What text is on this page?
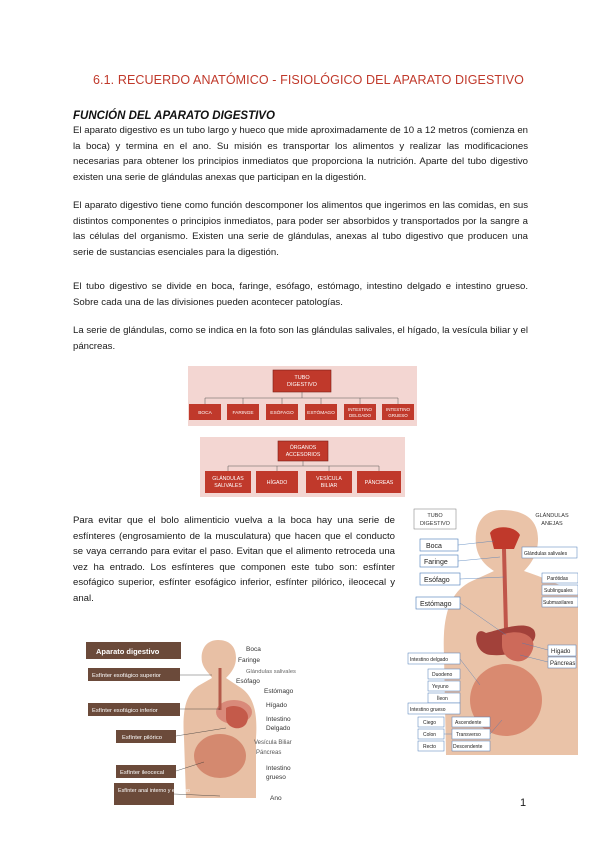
6.1. RECUERDO ANATÓMICO - FISIOLÓGICO DEL APARATO DIGESTIVO
FUNCIÓN DEL APARATO DIGESTIVO
El aparato digestivo es un tubo largo y hueco que mide aproximadamente de 10 a 12 metros (comienza en la boca) y termina en el ano. Su misión es transportar los alimentos y realizar las modificaciones necesarias para obtener los principios inmediatos que proporciona la nutrición. Aparte del tubo digestivo existen una serie de glándulas anexas que participan en la digestión.
El aparato digestivo tiene como función descomponer los alimentos que ingerimos en las comidas, en sus distintos componentes o principios inmediatos, para poder ser absorbidos y transportados por la sangre a las células del organismo. Existen una serie de glándulas, anexas al tubo digestivo que producen una serie de sustancias esenciales para la digestión.
El tubo digestivo se divide en boca, faringe, esófago, estómago, intestino delgado e intestino grueso. Sobre cada una de las divisiones pueden acontecer patologías.
La serie de glándulas, como se indica en la foto son las glándulas salivales, el hígado, la vesícula biliar y el páncreas.
TUBO
DIGESTIVO
BOCA	FARINGE	ESÓFAGO	ESTÓMAGO
INTESTINO
DELGADO
INTESTINO
GRUESO
ÓRGANOS
ACCESORIOS
GLÁNDULAS
SALIVALES	HÍGADO
VESÍCULA
BILIAR	PÁNCREAS
Para evitar que el bolo alimenticio vuelva a la boca hay una serie de esfínteres (engrosamiento de la musculatura) que hacen que el conducto se vaya cerrando para evitar el paso. Evitan que el alimento retroceda una vez ha entrado. Los esfínteres que componen este tubo son: esfínter esofágico superior, esfínter esofágico inferior, esfínter pilórico, ileocecal y anal.
Aparato digestivo
Esfínter esofágico superior
Esfínter esofágico inferior
Esfínter pilórico
Esfínter ileocecal
Esfínter anal interno y externo
Boca
Faringe
Glándulas salivales
Esófago
Estómago
Hígado
Intestino
Delgado
Vesícula Biliar
Páncreas
Intestino
grueso
Ano
TUBO
DIGESTIVO
GLÁNDULAS
ANEJAS
Boca
Faringe
Esófago
Estómago
Glándulas salivales
Parótidas
Sublinguales
Submaxilares
Hígado
Páncreas
Intestino delgado
Duodeno
Yeyuno
Íleon
Intestino grueso
Ciego
Colon
Recto
Ascendente
Transverso
Descendente
1
